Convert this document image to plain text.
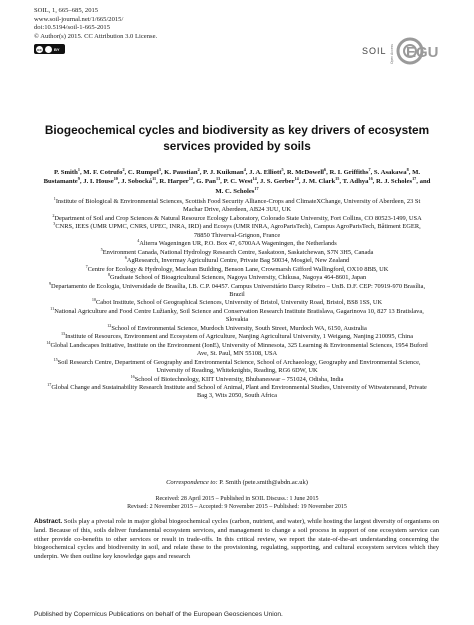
SOIL, 1, 665–685, 2015
www.soil-journal.net/1/665/2015/
doi:10.5194/soil-1-665-2015
© Author(s) 2015. CC Attribution 3.0 License.
cc	BY	SOIL Open Access EGU
Biogeochemical cycles and biodiversity as key drivers of ecosystem services provided by soils
P. Smith$^1$, M. F. Cotrufo$^2$, C. Rumpel$^3$, K. Paustian$^2$, P. J. Kuikman$^4$, J. A. Elliott$^5$, R. McDowell$^6$, R. I. Griffiths$^7$, S. Asakawa$^8$, M. Bustamante$^9$, J. I. House$^{10}$, J. Sobocká$^{11}$, R. Harper$^{12}$, G. Pan$^{13}$, P. C. West$^{14}$, J. S. Gerber$^{14}$, J. M. Clark$^{15}$, T. Adhya$^{16}$, R. J. Scholes$^{17}$, and M. C. Scholes$^{17}$
$^1$Institute of Biological & Environmental Sciences, Scottish Food Security Alliance-Crops and ClimateXChange, University of Aberdeen, 23 St Machar Drive, Aberdeen, AB24 3UU, UK
$^2$Department of Soil and Crop Sciences & Natural Resource Ecology Laboratory, Colorado State University, Fort Collins, CO 80523-1499, USA
$^3$CNRS, IEES (UMR UPMC, CNRS, UPEC, INRA, IRD) and Ecosys (UMR INRA, AgroParisTech), Campus AgroParisTech, Bâtiment EGER, 78850 Thiverval-Grignon, France
$^4$Alterra Wageningen UR, P.O. Box 47, 6700AA Wageningen, the Netherlands
$^5$Environment Canada, National Hydrology Research Centre, Saskatoon, Saskatchewan, S7N 3H5, Canada
$^6$AgResearch, Invermay Agricultural Centre, Private Bag 50034, Mosgiel, New Zealand
$^7$Centre for Ecology & Hydrology, Maclean Building, Benson Lane, Crowmarsh Gifford Wallingford, OX10 8BB, UK
$^8$Graduate School of Bioagricultural Sciences, Nagoya University, Chikusa, Nagoya 464-8601, Japan
$^9$Departamento de Ecologia, Universidade de Brasília, I.B. C.P. 04457. Campus Universitário Darcy Ribeiro – UnB. D.F. CEP: 70919-970 Brasília, Brazil
$^{10}$Cabot Institute, School of Geographical Sciences, University of Bristol, University Road, Bristol, BS8 1SS, UK
$^{11}$National Agriculture and Food Centre Lužianky, Soil Science and Conservation Research Institute Bratislava, Gagarinova 10, 827 13 Bratislava, Slovakia
$^{12}$School of Environmental Science, Murdoch University, South Street, Murdoch WA, 6150, Australia
$^{13}$Institute of Resources, Environment and Ecosystem of Agriculture, Nanjing Agricultural University, 1 Weigang, Nanjing 210095, China
$^{14}$Global Landscapes Initiative, Institute on the Environment (IonE), University of Minnesota, 325 Learning & Environmental Sciences, 1954 Buford Ave, St. Paul, MN 55108, USA
$^{15}$Soil Research Centre, Department of Geography and Environmental Science, School of Archaeology, Geography and Environmental Science, University of Reading, Whiteknights, Reading, RG6 6DW, UK
$^{16}$School of Biotechnology, KIIT University, Bhubaneswar – 751024, Odisha, India
$^{17}$Global Change and Sustainability Research Institute and School of Animal, Plant and Environmental Studies, University of Witwatersrand, Private Bag 3, Wits 2050, South Africa
Correspondence to: P. Smith (pete.smith@abdn.ac.uk)
Received: 28 April 2015 – Published in SOIL Discuss.: 1 June 2015
Revised: 2 November 2015 – Accepted: 9 November 2015 – Published: 19 November 2015
Abstract. Soils play a pivotal role in major global biogeochemical cycles (carbon, nutrient, and water), while hosting the largest diversity of organisms on land. Because of this, soils deliver fundamental ecosystem services, and management to change a soil process in support of one ecosystem service can either provide co-benefits to other services or result in trade-offs. In this critical review, we report the state-of-the-art understanding concerning the biogeochemical cycles and biodiversity in soil, and relate these to the provisioning, regulating, supporting, and cultural ecosystem services which they underpin. We then outline key knowledge gaps and research
Published by Copernicus Publications on behalf of the European Geosciences Union.
